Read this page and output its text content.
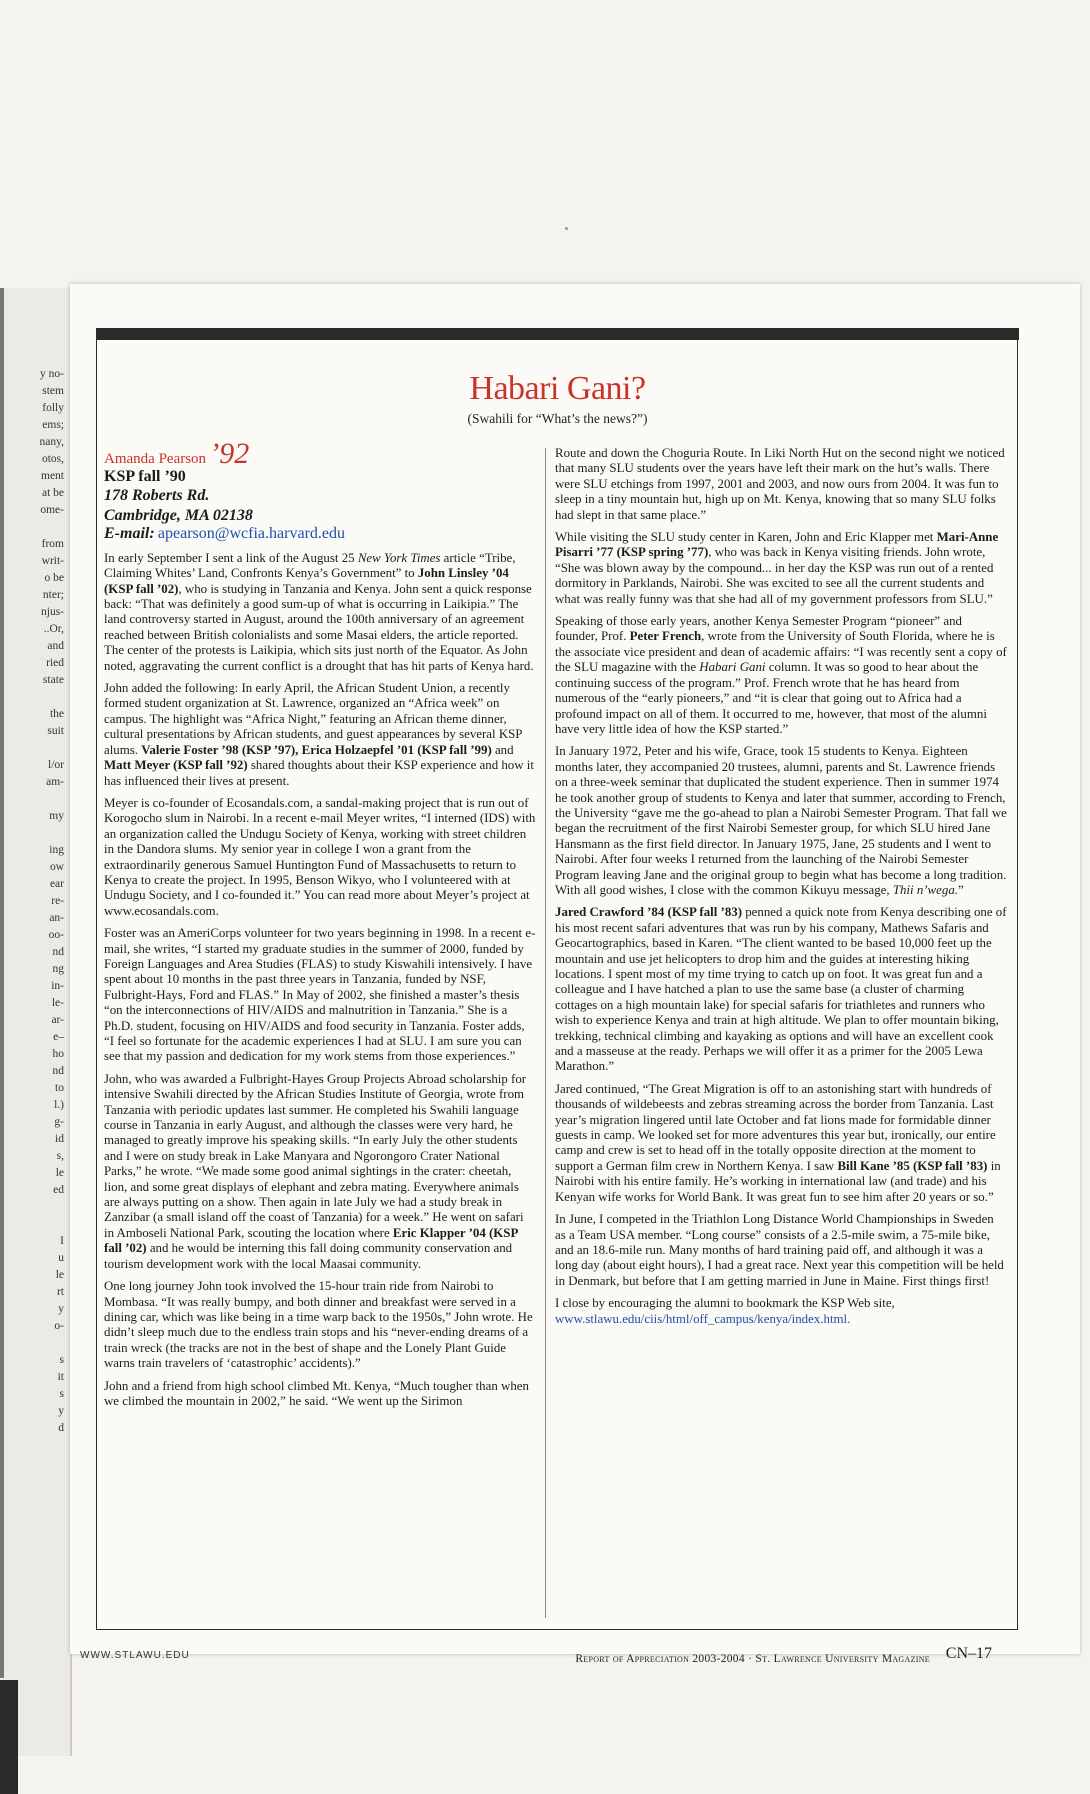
y no-
stem
folly
ems;
nany,
otos,
ment
at be
ome-

from
writ-
o be
nter;
njus-
..Or,
and
ried
state

the
suit

l/or
am-

my

ing
ow
ear
re-
an-
oo-
nd
ng
in-
le-
ar-
e–
ho
nd
to
l.)
g-
id
s,
le
ed

I
u
le
rt
y
o-

s
it
s
y
d
Habari Gani?
(Swahili for “What’s the news?”)
Amanda Pearson ’92
KSP fall ’90
178 Roberts Rd.
Cambridge, MA 02138
E-mail: apearson@wcfia.harvard.edu

In early September I sent a link of the August 25 New York Times article “Tribe, Claiming Whites’ Land, Confronts Kenya’s Government” to John Linsley ’04 (KSP fall ’02), who is studying in Tanzania and Kenya. John sent a quick response back: “That was definitely a good sum-up of what is occurring in Laikipia.” The land controversy started in August, around the 100th anniversary of an agreement reached between British colonialists and some Masai elders, the article reported. The center of the protests is Laikipia, which sits just north of the Equator. As John noted, aggravating the current conflict is a drought that has hit parts of Kenya hard.

John added the following: In early April, the African Student Union, a recently formed student organization at St. Lawrence, organized an “Africa week” on campus. The highlight was “Africa Night,” featuring an African theme dinner, cultural presentations by African students, and guest appearances by several KSP alums. Valerie Foster ’98 (KSP ’97), Erica Holzaepfel ’01 (KSP fall ’99) and Matt Meyer (KSP fall ’92) shared thoughts about their KSP experience and how it has influenced their lives at present.

Meyer is co-founder of Ecosandals.com, a sandal-making project that is run out of Korogocho slum in Nairobi. In a recent e-mail Meyer writes, “I interned (IDS) with an organization called the Undugu Society of Kenya, working with street children in the Dandora slums. My senior year in college I won a grant from the extraordinarily generous Samuel Huntington Fund of Massachusetts to return to Kenya to create the project. In 1995, Benson Wikyo, who I volunteered with at Undugu Society, and I co-founded it.” You can read more about Meyer’s project at www.ecosandals.com.

Foster was an AmeriCorps volunteer for two years beginning in 1998. In a recent e-mail, she writes, “I started my graduate studies in the summer of 2000, funded by Foreign Languages and Area Studies (FLAS) to study Kiswahili intensively. I have spent about 10 months in the past three years in Tanzania, funded by NSF, Fulbright-Hays, Ford and FLAS.” In May of 2002, she finished a master’s thesis “on the interconnections of HIV/AIDS and malnutrition in Tanzania.” She is a Ph.D. student, focusing on HIV/AIDS and food security in Tanzania. Foster adds, “I feel so fortunate for the academic experiences I had at SLU. I am sure you can see that my passion and dedication for my work stems from those experiences.”

John, who was awarded a Fulbright-Hayes Group Projects Abroad scholarship for intensive Swahili directed by the African Studies Institute of Georgia, wrote from Tanzania with periodic updates last summer. He completed his Swahili language course in Tanzania in early August, and although the classes were very hard, he managed to greatly improve his speaking skills. “In early July the other students and I were on study break in Lake Manyara and Ngorongoro Crater National Parks,” he wrote. “We made some good animal sightings in the crater: cheetah, lion, and some great displays of elephant and zebra mating. Everywhere animals are always putting on a show. Then again in late July we had a study break in Zanzibar (a small island off the coast of Tanzania) for a week.” He went on safari in Amboseli National Park, scouting the location where Eric Klapper ’04 (KSP fall ’02) and he would be interning this fall doing community conservation and tourism development work with the local Maasai community.

One long journey John took involved the 15-hour train ride from Nairobi to Mombasa. “It was really bumpy, and both dinner and breakfast were served in a dining car, which was like being in a time warp back to the 1950s,” John wrote. He didn’t sleep much due to the endless train stops and his “never-ending dreams of a train wreck (the tracks are not in the best of shape and the Lonely Plant Guide warns train travelers of ‘catastrophic’ accidents).”

John and a friend from high school climbed Mt. Kenya, “Much tougher than when we climbed the mountain in 2002,” he said. “We went up the Sirimon

Route and down the Choguria Route. In Liki North Hut on the second night we noticed that many SLU students over the years have left their mark on the hut’s walls. There were SLU etchings from 1997, 2001 and 2003, and now ours from 2004. It was fun to sleep in a tiny mountain hut, high up on Mt. Kenya, knowing that so many SLU folks had slept in that same place.”

While visiting the SLU study center in Karen, John and Eric Klapper met Mari-Anne Pisarri ’77 (KSP spring ’77), who was back in Kenya visiting friends. John wrote, “She was blown away by the compound... in her day the KSP was run out of a rented dormitory in Parklands, Nairobi. She was excited to see all the current students and what was really funny was that she had all of my government professors from SLU.”

Speaking of those early years, another Kenya Semester Program “pioneer” and founder, Prof. Peter French, wrote from the University of South Florida, where he is the associate vice president and dean of academic affairs: “I was recently sent a copy of the SLU magazine with the Habari Gani column. It was so good to hear about the continuing success of the program.” Prof. French wrote that he has heard from numerous of the “early pioneers,” and “it is clear that going out to Africa had a profound impact on all of them. It occurred to me, however, that most of the alumni have very little idea of how the KSP started.”

In January 1972, Peter and his wife, Grace, took 15 students to Kenya. Eighteen months later, they accompanied 20 trustees, alumni, parents and St. Lawrence friends on a three-week seminar that duplicated the student experience. Then in summer 1974 he took another group of students to Kenya and later that summer, according to French, the University “gave me the go-ahead to plan a Nairobi Semester Program. That fall we began the recruitment of the first Nairobi Semester group, for which SLU hired Jane Hansmann as the first field director. In January 1975, Jane, 25 students and I went to Nairobi. After four weeks I returned from the launching of the Nairobi Semester Program leaving Jane and the original group to begin what has become a long tradition. With all good wishes, I close with the common Kikuyu message, Thii n’wega.”

Jared Crawford ’84 (KSP fall ’83) penned a quick note from Kenya describing one of his most recent safari adventures that was run by his company, Mathews Safaris and Geocartographics, based in Karen. “The client wanted to be based 10,000 feet up the mountain and use jet helicopters to drop him and the guides at interesting hiking locations. I spent most of my time trying to catch up on foot. It was great fun and a colleague and I have hatched a plan to use the same base (a cluster of charming cottages on a high mountain lake) for special safaris for triathletes and runners who wish to experience Kenya and train at high altitude. We plan to offer mountain biking, trekking, technical climbing and kayaking as options and will have an excellent cook and a masseuse at the ready. Perhaps we will offer it as a primer for the 2005 Lewa Marathon.”

Jared continued, “The Great Migration is off to an astonishing start with hundreds of thousands of wildebeests and zebras streaming across the border from Tanzania. Last year’s migration lingered until late October and fat lions made for formidable dinner guests in camp. We looked set for more adventures this year but, ironically, our entire camp and crew is set to head off in the totally opposite direction at the moment to support a German film crew in Northern Kenya. I saw Bill Kane ’85 (KSP fall ’83) in Nairobi with his entire family. He’s working in international law (and trade) and his Kenyan wife works for World Bank. It was great fun to see him after 20 years or so.”

In June, I competed in the Triathlon Long Distance World Championships in Sweden as a Team USA member. “Long course” consists of a 2.5-mile swim, a 75-mile bike, and an 18.6-mile run. Many months of hard training paid off, and although it was a long day (about eight hours), I had a great race. Next year this competition will be held in Denmark, but before that I am getting married in June in Maine. First things first!

I close by encouraging the alumni to bookmark the KSP Web site,
www.stlawu.edu/ciis/html/off_campus/kenya/index.html.

WWW.STLAWU.EDU	Report of Appreciation 2003-2004 · St. Lawrence University Magazine CN–17
